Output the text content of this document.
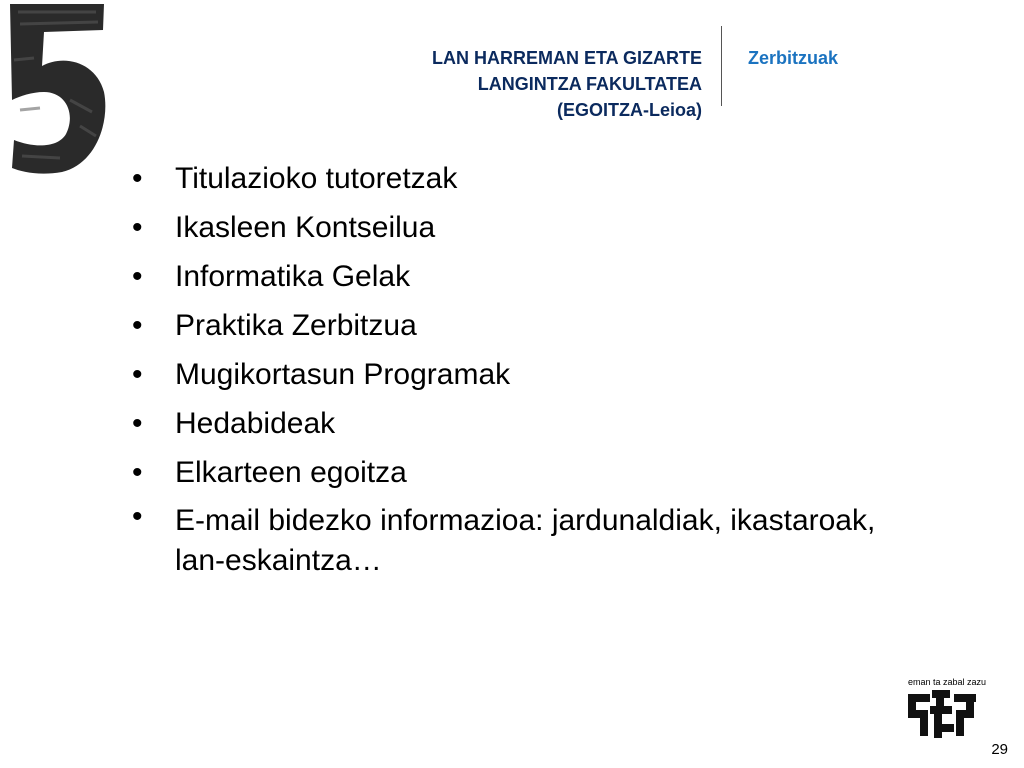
LAN HARREMAN ETA GIZARTE
LANGINTZA FAKULTATEA
(EGOITZA-Leioa)
Zerbitzuak
• Titulazioko tutoretzak
• Ikasleen Kontseilua
• Informatika Gelak
• Praktika Zerbitzua
• Mugikortasun Programak
• Hedabideak
• Elkarteen egoitza
• E-mail bidezko informazioa: jardunaldiak, ikastaroak, lan-eskaintza…
eman ta zabal zazu
29
